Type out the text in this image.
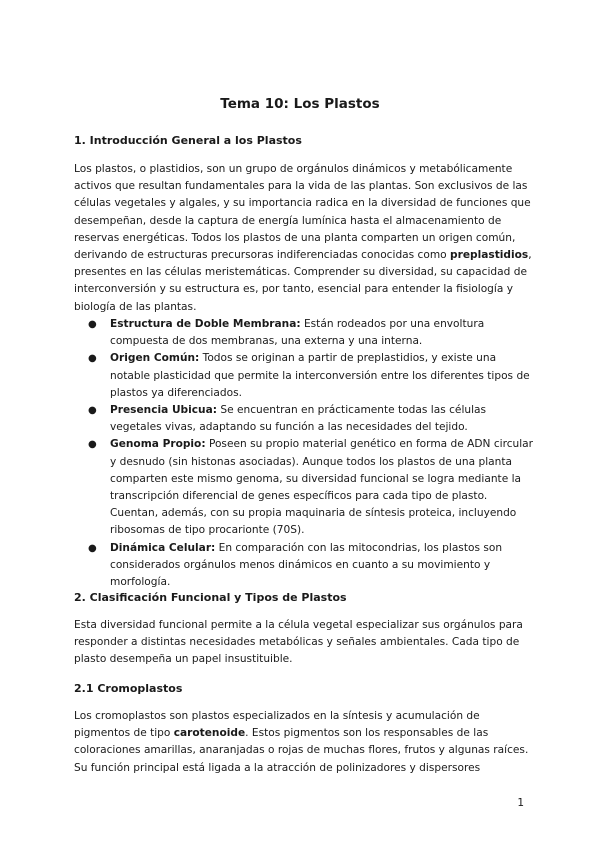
Tema 10: Los Plastos
1. Introducción General a los Plastos

Los plastos, o plastidios, son un grupo de orgánulos dinámicos y metabólicamente activos que resultan fundamentales para la vida de las plantas. Son exclusivos de las células vegetales y algales, y su importancia radica en la diversidad de funciones que desempeñan, desde la captura de energía lumínica hasta el almacenamiento de reservas energéticas. Todos los plastos de una planta comparten un origen común, derivando de estructuras precursoras indiferenciadas conocidas como preplastidios, presentes en las células meristemáticas. Comprender su diversidad, su capacidad de interconversión y su estructura es, por tanto, esencial para entender la fisiología y biología de las plantas.

● Estructura de Doble Membrana: Están rodeados por una envoltura compuesta de dos membranas, una externa y una interna.
● Origen Común: Todos se originan a partir de preplastidios, y existe una notable plasticidad que permite la interconversión entre los diferentes tipos de plastos ya diferenciados.
● Presencia Ubicua: Se encuentran en prácticamente todas las células vegetales vivas, adaptando su función a las necesidades del tejido.
● Genoma Propio: Poseen su propio material genético en forma de ADN circular y desnudo (sin histonas asociadas). Aunque todos los plastos de una planta comparten este mismo genoma, su diversidad funcional se logra mediante la transcripción diferencial de genes específicos para cada tipo de plasto. Cuentan, además, con su propia maquinaria de síntesis proteica, incluyendo ribosomas de tipo procarionte (70S).
● Dinámica Celular: En comparación con las mitocondrias, los plastos son considerados orgánulos menos dinámicos en cuanto a su movimiento y morfología.
2. Clasificación Funcional y Tipos de Plastos

Esta diversidad funcional permite a la célula vegetal especializar sus orgánulos para responder a distintas necesidades metabólicas y señales ambientales. Cada tipo de plasto desempeña un papel insustituible.

2.1 Cromoplastos

Los cromoplastos son plastos especializados en la síntesis y acumulación de pigmentos de tipo carotenoide. Estos pigmentos son los responsables de las coloraciones amarillas, anaranjadas o rojas de muchas flores, frutos y algunas raíces. Su función principal está ligada a la atracción de polinizadores y dispersores

1
